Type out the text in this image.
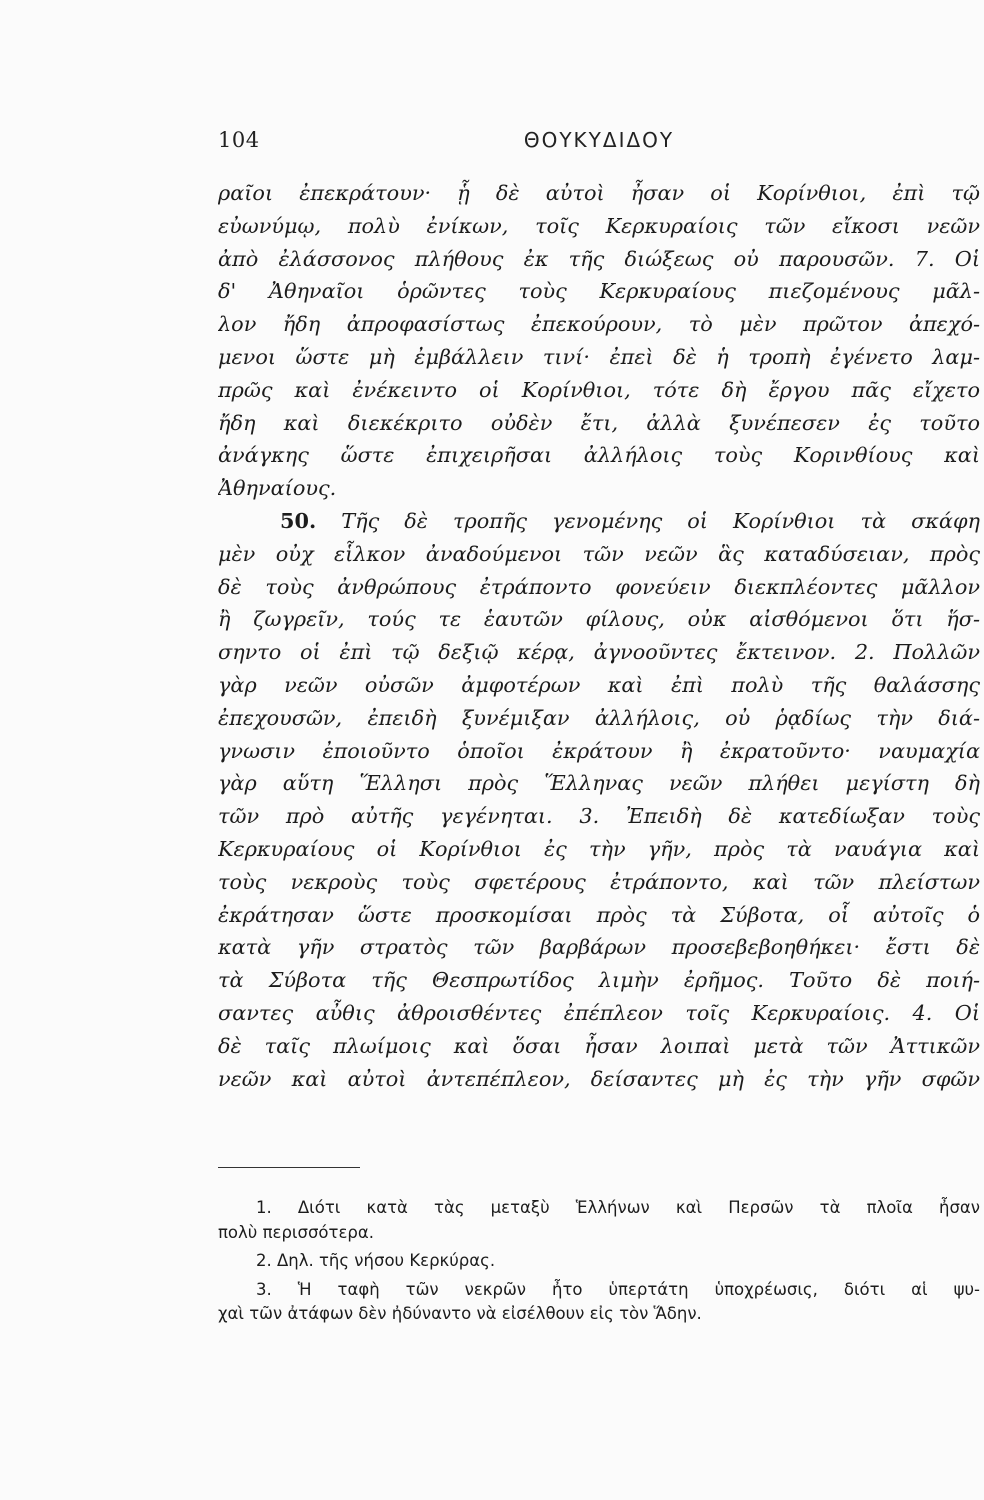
104	ΘΟΥΚΥΔΙΔΟΥ
ραῖοι ἐπεκράτουν· ᾗ δὲ αὐτοὶ ἦσαν οἱ Κορίνθιοι, ἐπὶ τῷ
εὐωνύμῳ, πολὺ ἐνίκων, τοῖς Κερκυραίοις τῶν εἴκοσι νεῶν
ἀπὸ ἐλάσσονος πλήθους ἐκ τῆς διώξεως οὐ παρουσῶν. 7. Οἱ
δ' Ἀθηναῖοι ὁρῶντες τοὺς Κερκυραίους πιεζομένους μᾶλ-
λον ἤδη ἀπροφασίστως ἐπεκούρουν, τὸ μὲν πρῶτον ἀπεχό-
μενοι ὥστε μὴ ἐμβάλλειν τινί· ἐπεὶ δὲ ἡ τροπὴ ἐγένετο λαμ-
πρῶς καὶ ἐνέκειντο οἱ Κορίνθιοι, τότε δὴ ἔργου πᾶς εἴχετο
ἤδη καὶ διεκέκριτο οὐδὲν ἔτι, ἀλλὰ ξυνέπεσεν ἐς τοῦτο
ἀνάγκης ὥστε ἐπιχειρῆσαι ἀλλήλοις τοὺς Κορινθίους καὶ
Ἀθηναίους.
50. Τῆς δὲ τροπῆς γενομένης οἱ Κορίνθιοι τὰ σκάφη
μὲν οὐχ εἷλκον ἀναδούμενοι τῶν νεῶν ἃς καταδύσειαν, πρὸς
δὲ τοὺς ἀνθρώπους ἐτράποντο φονεύειν διεκπλέοντες μᾶλλον
ἢ ζωγρεῖν, τούς τε ἑαυτῶν φίλους, οὐκ αἰσθόμενοι ὅτι ἥσ-
σηντο οἱ ἐπὶ τῷ δεξιῷ κέρᾳ, ἀγνοοῦντες ἔκτεινον. 2. Πολλῶν
γὰρ νεῶν οὐσῶν ἀμφοτέρων καὶ ἐπὶ πολὺ τῆς θαλάσσης
ἐπεχουσῶν, ἐπειδὴ ξυνέμιξαν ἀλλήλοις, οὐ ῥᾳδίως τὴν διά-
γνωσιν ἐποιοῦντο ὁποῖοι ἐκράτουν ἢ ἐκρατοῦντο· ναυμαχία
γὰρ αὕτη Ἕλλησι πρὸς Ἕλληνας νεῶν πλήθει μεγίστη δὴ
τῶν πρὸ αὐτῆς γεγένηται. 3. Ἐπειδὴ δὲ κατεδίωξαν τοὺς
Κερκυραίους οἱ Κορίνθιοι ἐς τὴν γῆν, πρὸς τὰ ναυάγια καὶ
τοὺς νεκροὺς τοὺς σφετέρους ἐτράποντο, καὶ τῶν πλείστων
ἐκράτησαν ὥστε προσκομίσαι πρὸς τὰ Σύβοτα, οἷ αὐτοῖς ὁ
κατὰ γῆν στρατὸς τῶν βαρβάρων προσεβεβοηθήκει· ἔστι δὲ
τὰ Σύβοτα τῆς Θεσπρωτίδος λιμὴν ἐρῆμος. Τοῦτο δὲ ποιή-
σαντες αὖθις ἀθροισθέντες ἐπέπλεον τοῖς Κερκυραίοις. 4. Οἱ
δὲ ταῖς πλωίμοις καὶ ὅσαι ἦσαν λοιπαὶ μετὰ τῶν Ἀττικῶν
νεῶν καὶ αὐτοὶ ἀντεπέπλεον, δείσαντες μὴ ἐς τὴν γῆν σφῶν
1. Διότι κατὰ τὰς μεταξὺ Ἑλλήνων καὶ Περσῶν τὰ πλοῖα ἦσαν
πολὺ περισσότερα.
2. Δηλ. τῆς νήσου Κερκύρας.
3. Ἡ ταφὴ τῶν νεκρῶν ἦτο ὑπερτάτη ὑποχρέωσις, διότι αἱ ψυ-
χαὶ τῶν ἀτάφων δὲν ἠδύναντο νὰ εἰσέλθουν εἰς τὸν Ἅδην.
